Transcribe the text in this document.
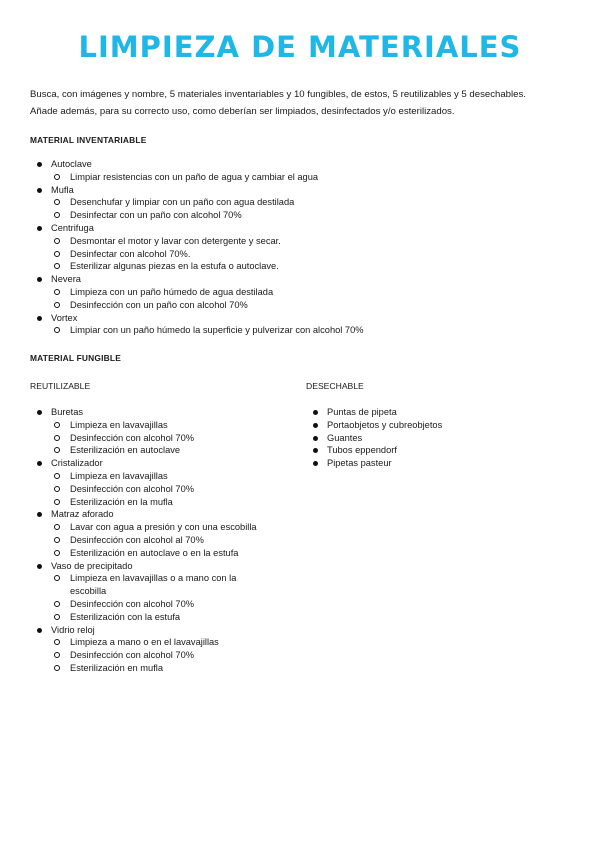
LIMPIEZA DE MATERIALES
Busca, con imágenes y nombre, 5 materiales inventariables y 10 fungibles, de estos, 5 reutilizables y 5 desechables.
Añade además, para su correcto uso, como deberían ser limpiados, desinfectados y/o esterilizados.
MATERIAL INVENTARIABLE
Autoclave
Limpiar resistencias con un paño de agua y cambiar el agua
Mufla
Desenchufar y limpiar con un paño con agua destilada
Desinfectar con un paño con alcohol 70%
Centrifuga
Desmontar el motor y lavar con detergente y secar.
Desinfectar con alcohol 70%.
Esterilizar algunas piezas en la estufa o autoclave.
Nevera
Limpieza con un paño húmedo de agua destilada
Desinfección con un paño con alcohol 70%
Vortex
Limpiar con un paño húmedo la superficie y pulverizar con alcohol 70%
MATERIAL FUNGIBLE
REUTILIZABLE	DESECHABLE
Buretas
Limpieza en lavavajillas
Desinfección con alcohol 70%
Esterilización en autoclave
Cristalizador
Limpieza en lavavajillas
Desinfección con alcohol 70%
Esterilización en la mufla
Matraz aforado
Lavar con agua a presión y con una escobilla
Desinfección con alcohol al 70%
Esterilización en autoclave o en la estufa
Vaso de precipitado
Limpieza en lavavajillas o a mano con la escobilla
Desinfección con alcohol 70%
Esterilización con la estufa
Vidrio reloj
Limpieza a mano o en el lavavajillas
Desinfección con alcohol 70%
Esterilización en mufla
Puntas de pipeta
Portaobjetos y cubreobjetos
Guantes
Tubos eppendorf
Pipetas pasteur
